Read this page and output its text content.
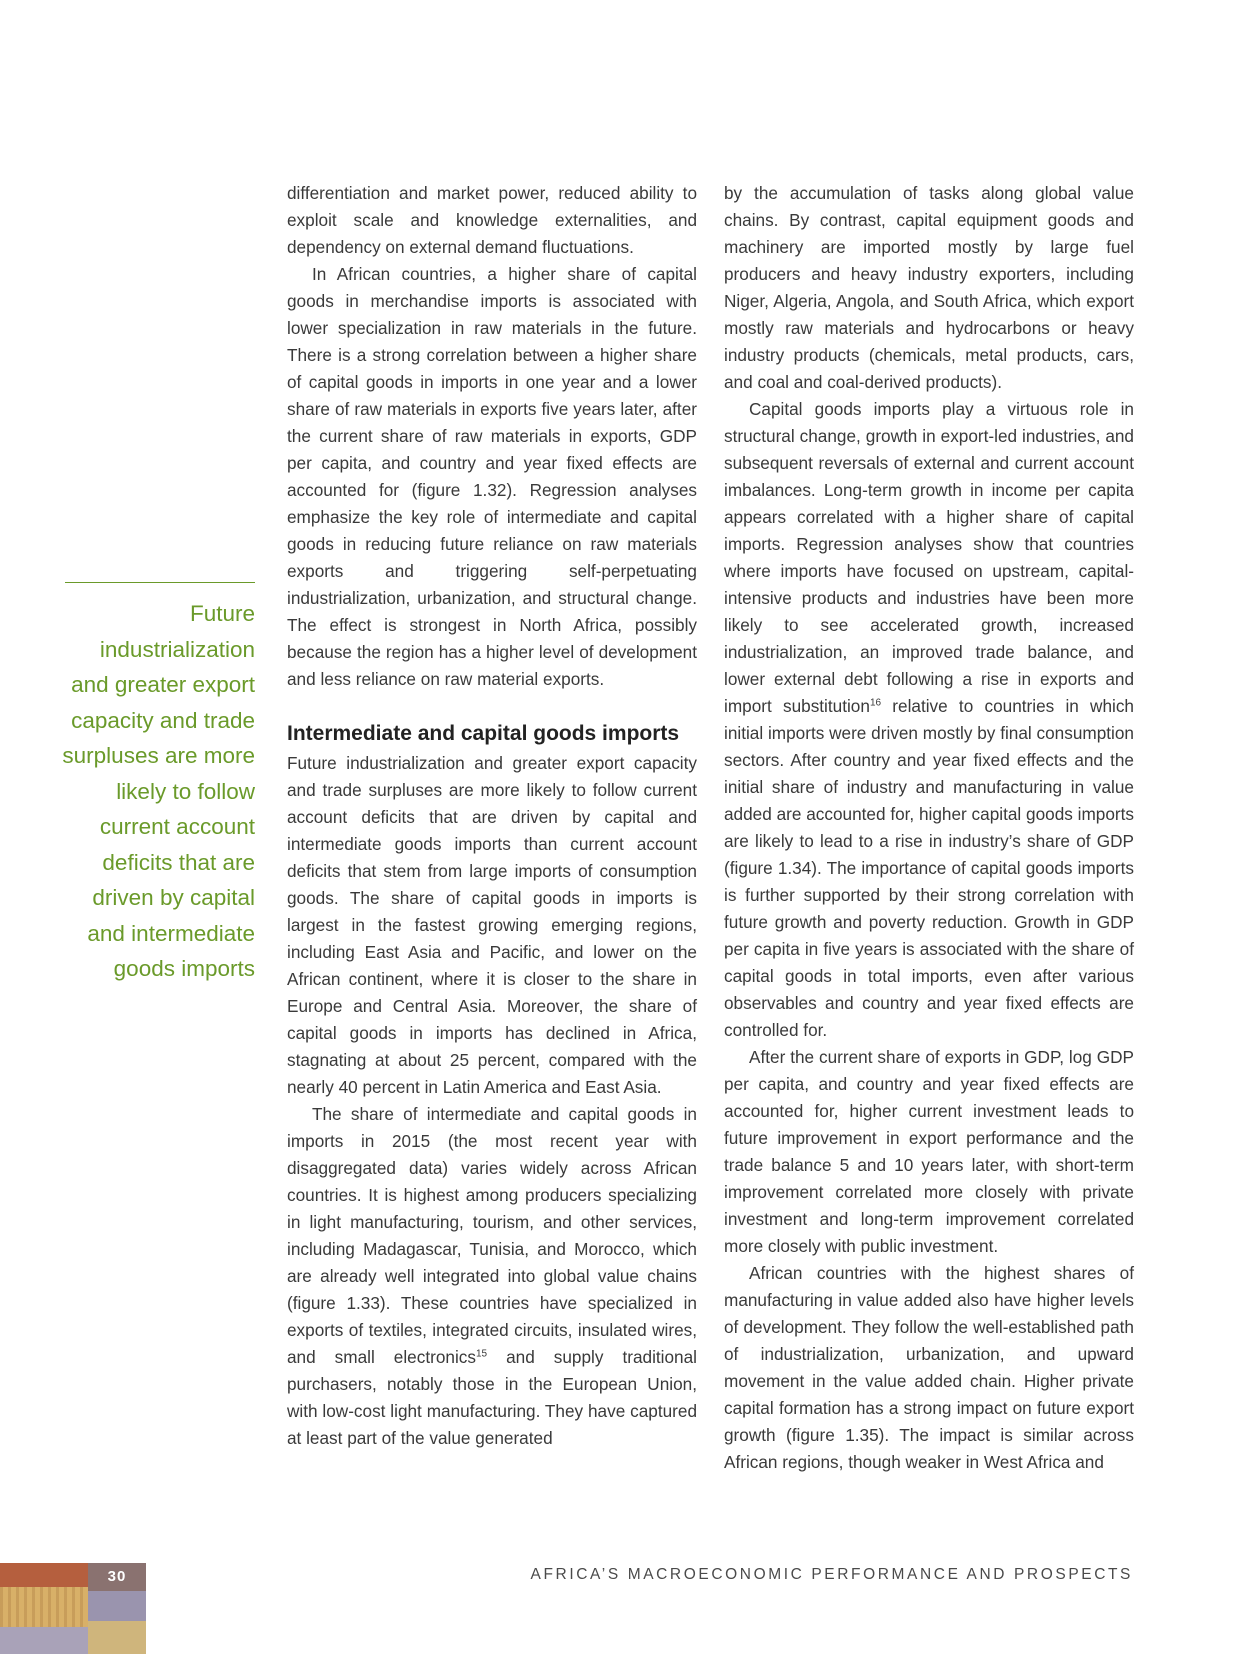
differentiation and market power, reduced ability to exploit scale and knowledge externalities, and dependency on external demand fluctuations.

In African countries, a higher share of capital goods in merchandise imports is associated with lower specialization in raw materials in the future. There is a strong correlation between a higher share of capital goods in imports in one year and a lower share of raw materials in exports five years later, after the current share of raw materials in exports, GDP per capita, and country and year fixed effects are accounted for (figure 1.32). Regression analyses emphasize the key role of intermediate and capital goods in reducing future reliance on raw materials exports and triggering self-perpetuating industrialization, urbanization, and structural change. The effect is strongest in North Africa, possibly because the region has a higher level of development and less reliance on raw material exports.

Intermediate and capital goods imports

Future industrialization and greater export capacity and trade surpluses are more likely to follow current account deficits that are driven by capital and intermediate goods imports than current account deficits that stem from large imports of consumption goods. The share of capital goods in imports is largest in the fastest growing emerging regions, including East Asia and Pacific, and lower on the African continent, where it is closer to the share in Europe and Central Asia. Moreover, the share of capital goods in imports has declined in Africa, stagnating at about 25 percent, compared with the nearly 40 percent in Latin America and East Asia.

The share of intermediate and capital goods in imports in 2015 (the most recent year with disaggregated data) varies widely across African countries. It is highest among producers specializing in light manufacturing, tourism, and other services, including Madagascar, Tunisia, and Morocco, which are already well integrated into global value chains (figure 1.33). These countries have specialized in exports of textiles, integrated circuits, insulated wires, and small electronics$^{15}$ and supply traditional purchasers, notably those in the European Union, with low-cost light manufacturing. They have captured at least part of the value generated

by the accumulation of tasks along global value chains. By contrast, capital equipment goods and machinery are imported mostly by large fuel producers and heavy industry exporters, including Niger, Algeria, Angola, and South Africa, which export mostly raw materials and hydrocarbons or heavy industry products (chemicals, metal products, cars, and coal and coal-derived products).

Capital goods imports play a virtuous role in structural change, growth in export-led industries, and subsequent reversals of external and current account imbalances. Long-term growth in income per capita appears correlated with a higher share of capital imports. Regression analyses show that countries where imports have focused on upstream, capital-intensive products and industries have been more likely to see accelerated growth, increased industrialization, an improved trade balance, and lower external debt following a rise in exports and import substitution$^{16}$ relative to countries in which initial imports were driven mostly by final consumption sectors. After country and year fixed effects and the initial share of industry and manufacturing in value added are accounted for, higher capital goods imports are likely to lead to a rise in industry’s share of GDP (figure 1.34). The importance of capital goods imports is further supported by their strong correlation with future growth and poverty reduction. Growth in GDP per capita in five years is associated with the share of capital goods in total imports, even after various observables and country and year fixed effects are controlled for.

After the current share of exports in GDP, log GDP per capita, and country and year fixed effects are accounted for, higher current investment leads to future improvement in export performance and the trade balance 5 and 10 years later, with short-term improvement correlated more closely with private investment and long-term improvement correlated more closely with public investment.

African countries with the highest shares of manufacturing in value added also have higher levels of development. They follow the well-established path of industrialization, urbanization, and upward movement in the value added chain. Higher private capital formation has a strong impact on future export growth (figure 1.35). The impact is similar across African regions, though weaker in West Africa and

Future
industrialization
and greater export
capacity and trade
surpluses are more
likely to follow
current account
deficits that are
driven by capital
and intermediate
goods imports
30	AFRICA’S MACROECONOMIC PERFORMANCE AND PROSPECTS
